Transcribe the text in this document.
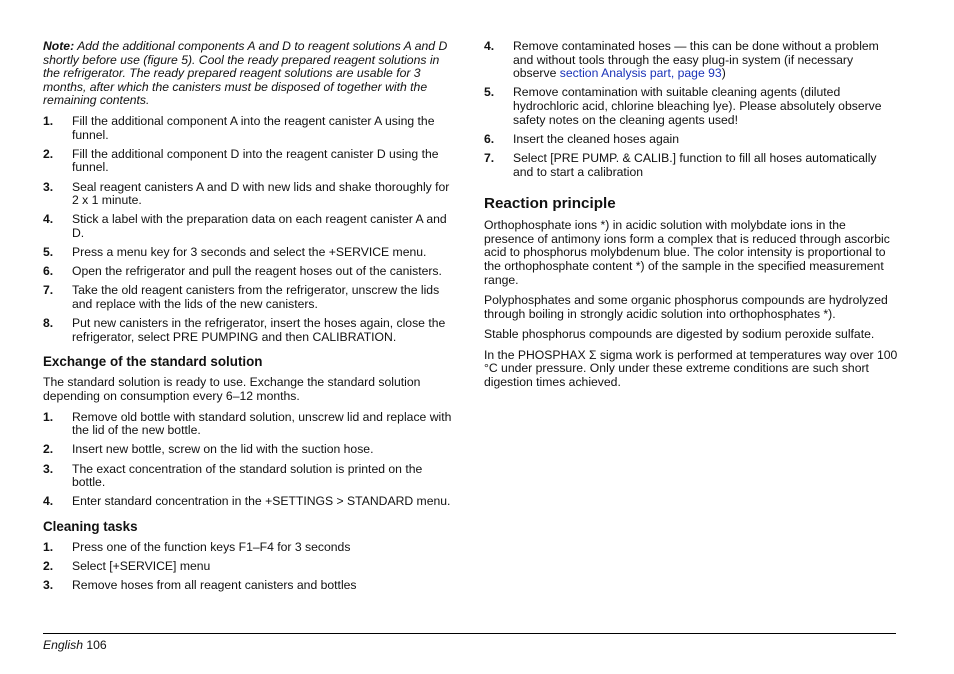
Note: Add the additional components A and D to reagent solutions A and D shortly before use (figure 5). Cool the ready prepared reagent solutions in the refrigerator. The ready prepared reagent solutions are usable for 3 months, after which the canisters must be disposed of together with the remaining contents.

1. Fill the additional component A into the reagent canister A using the funnel.
2. Fill the additional component D into the reagent canister D using the funnel.
3. Seal reagent canisters A and D with new lids and shake thoroughly for 2 x 1 minute.
4. Stick a label with the preparation data on each reagent canister A and D.
5. Press a menu key for 3 seconds and select the +SERVICE menu.
6. Open the refrigerator and pull the reagent hoses out of the canisters.
7. Take the old reagent canisters from the refrigerator, unscrew the lids and replace with the lids of the new canisters.
8. Put new canisters in the refrigerator, insert the hoses again, close the refrigerator, select PRE PUMPING and then CALIBRATION.
Exchange of the standard solution

The standard solution is ready to use. Exchange the standard solution depending on consumption every 6–12 months.

1. Remove old bottle with standard solution, unscrew lid and replace with the lid of the new bottle.
2. Insert new bottle, screw on the lid with the suction hose.
3. The exact concentration of the standard solution is printed on the bottle.
4. Enter standard concentration in the +SETTINGS > STANDARD menu.
Cleaning tasks
1. Press one of the function keys F1–F4 for 3 seconds
2. Select [+SERVICE] menu
3. Remove hoses from all reagent canisters and bottles
4. Remove contaminated hoses — this can be done without a problem and without tools through the easy plug-in system (if necessary observe section Analysis part, page 93)
5. Remove contamination with suitable cleaning agents (diluted hydrochloric acid, chlorine bleaching lye). Please absolutely observe safety notes on the cleaning agents used!
6. Insert the cleaned hoses again
7. Select [PRE PUMP. & CALIB.] function to fill all hoses automatically and to start a calibration
Reaction principle

Orthophosphate ions *) in acidic solution with molybdate ions in the presence of antimony ions form a complex that is reduced through ascorbic acid to phosphorus molybdenum blue. The color intensity is proportional to the orthophosphate content *) of the sample in the specified measurement range.

Polyphosphates and some organic phosphorus compounds are hydrolyzed through boiling in strongly acidic solution into orthophosphates *).

Stable phosphorus compounds are digested by sodium peroxide sulfate.

In the PHOSPHAX Σ sigma work is performed at temperatures way over 100 °C under pressure. Only under these extreme conditions are such short digestion times achieved.

English 106
